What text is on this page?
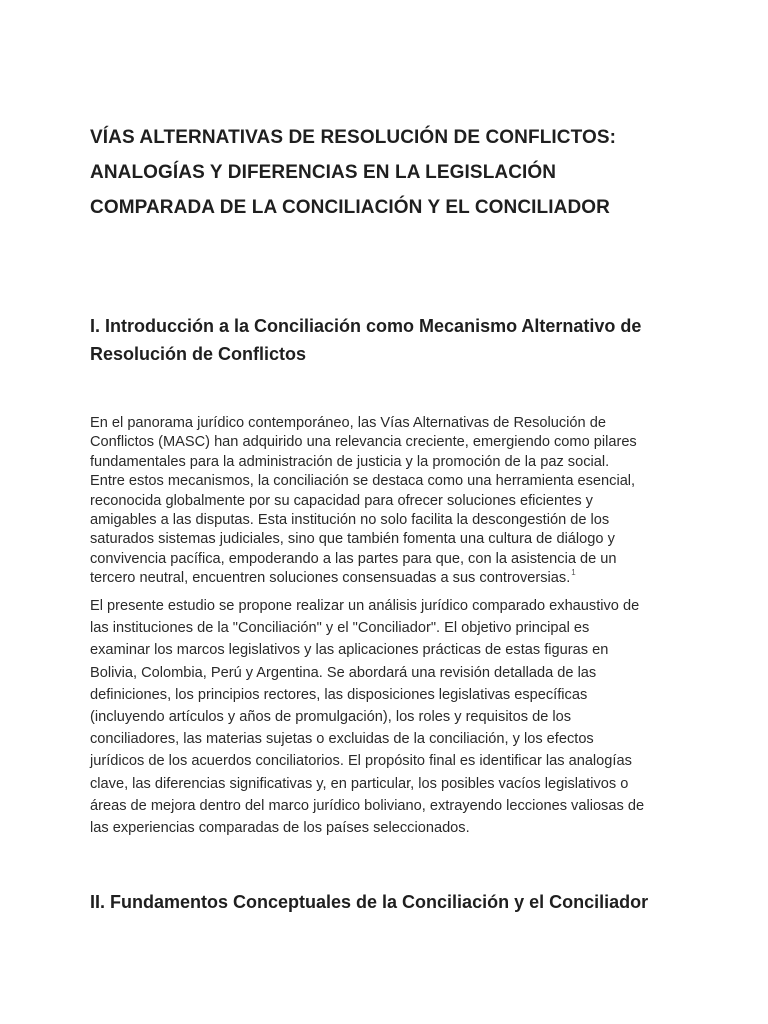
VÍAS ALTERNATIVAS DE RESOLUCIÓN DE CONFLICTOS:
ANALOGÍAS Y DIFERENCIAS EN LA LEGISLACIÓN
COMPARADA DE LA CONCILIACIÓN Y EL CONCILIADOR
I. Introducción a la Conciliación como Mecanismo Alternativo de
Resolución de Conflictos
En el panorama jurídico contemporáneo, las Vías Alternativas de Resolución de
Conflictos (MASC) han adquirido una relevancia creciente, emergiendo como pilares
fundamentales para la administración de justicia y la promoción de la paz social.
Entre estos mecanismos, la conciliación se destaca como una herramienta esencial,
reconocida globalmente por su capacidad para ofrecer soluciones eficientes y
amigables a las disputas. Esta institución no solo facilita la descongestión de los
saturados sistemas judiciales, sino que también fomenta una cultura de diálogo y
convivencia pacífica, empoderando a las partes para que, con la asistencia de un
tercero neutral, encuentren soluciones consensuadas a sus controversias.$^1$
El presente estudio se propone realizar un análisis jurídico comparado exhaustivo de
las instituciones de la "Conciliación" y el "Conciliador". El objetivo principal es
examinar los marcos legislativos y las aplicaciones prácticas de estas figuras en
Bolivia, Colombia, Perú y Argentina. Se abordará una revisión detallada de las
definiciones, los principios rectores, las disposiciones legislativas específicas
(incluyendo artículos y años de promulgación), los roles y requisitos de los
conciliadores, las materias sujetas o excluidas de la conciliación, y los efectos
jurídicos de los acuerdos conciliatorios. El propósito final es identificar las analogías
clave, las diferencias significativas y, en particular, los posibles vacíos legislativos o
áreas de mejora dentro del marco jurídico boliviano, extrayendo lecciones valiosas de
las experiencias comparadas de los países seleccionados.
II. Fundamentos Conceptuales de la Conciliación y el Conciliador
